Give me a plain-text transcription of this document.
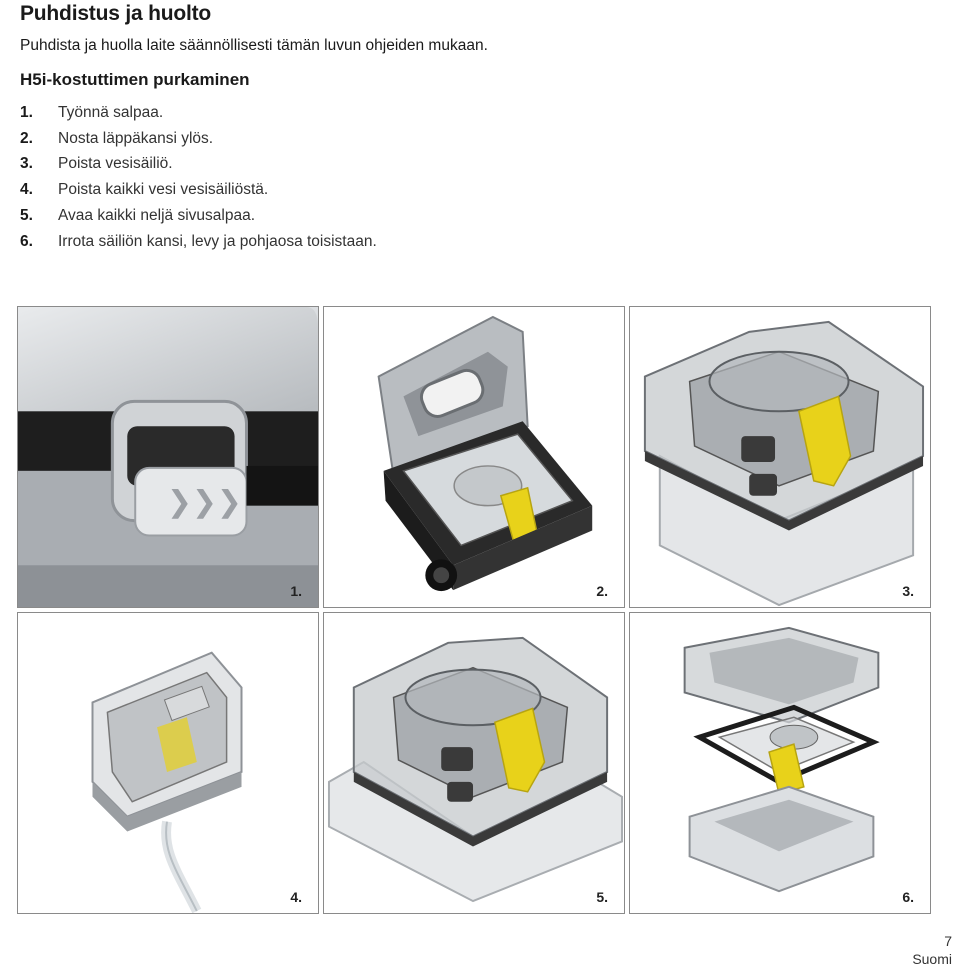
Puhdistus ja huolto

Puhdista ja huolla laite säännöllisesti tämän luvun ohjeiden mukaan.

H5i-kostuttimen purkaminen
1.	Työnnä salpaa.
2.	Nosta läppäkansi ylös.
3.	Poista vesisäiliö.
4.	Poista kaikki vesi vesisäiliöstä.
5.	Avaa kaikki neljä sivusalpaa.
6.	Irrota säiliön kansi, levy ja pohjaosa toisistaan.
❯❯❯
1.	2.	3.
4.	5.	6.
7
Suomi
